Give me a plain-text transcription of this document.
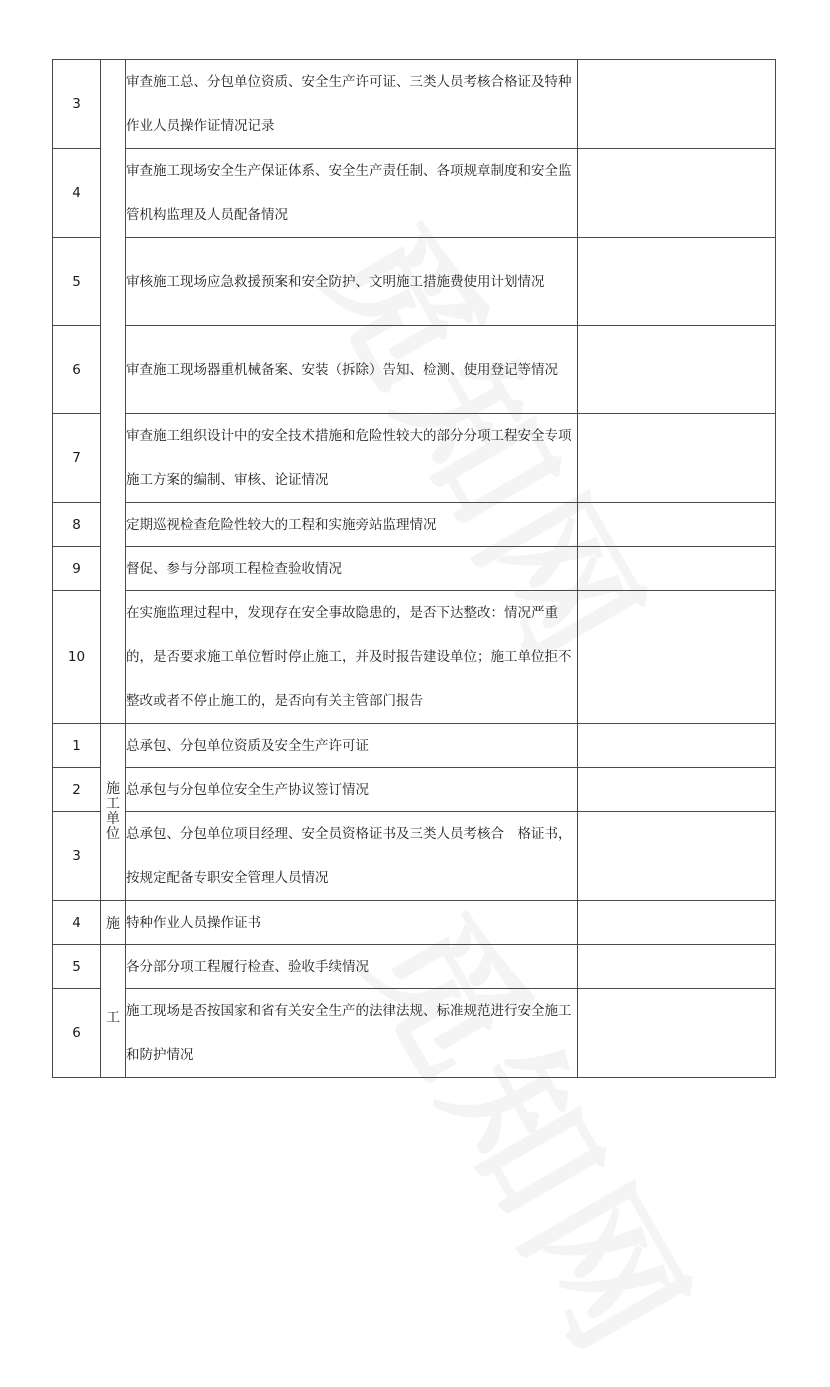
3		审查施工总、分包单位资质、安全生产许可证、三类人员考核合格证及特种作业人员操作证情况记录	
4		审查施工现场安全生产保证体系、安全生产责任制、各项规章制度和安全监管机构监理及人员配备情况	
5		审核施工现场应急救援预案和安全防护、文明施工措施费使用计划情况	
6		审查施工现场器重机械备案、安装（拆除）告知、检测、使用登记等情况	
7		审查施工组织设计中的安全技术措施和危险性较大的部分分项工程安全专项施工方案的编制、审核、论证情况	
8		定期巡视检查危险性较大的工程和实施旁站监理情况	
9		督促、参与分部项工程检查验收情况	
10		在实施监理过程中，发现存在安全事故隐患的，是否下达整改：情况严重的，是否要求施工单位暂时停止施工，并及时报告建设单位；施工单位拒不整改或者不停止施工的，是否向有关主管部门报告	
1	施工单位	总承包、分包单位资质及安全生产许可证	
2		总承包与分包单位安全生产协议签订情况	
3		总承包、分包单位项目经理、安全员资格证书及三类人员考核合　格证书，按规定配备专职安全管理人员情况	
4	施	特种作业人员操作证书	
5	工	各分部分项工程履行检查、验收手续情况	
6		施工现场是否按国家和省有关安全生产的法律法规、标准规范进行安全施工和防护情况	
